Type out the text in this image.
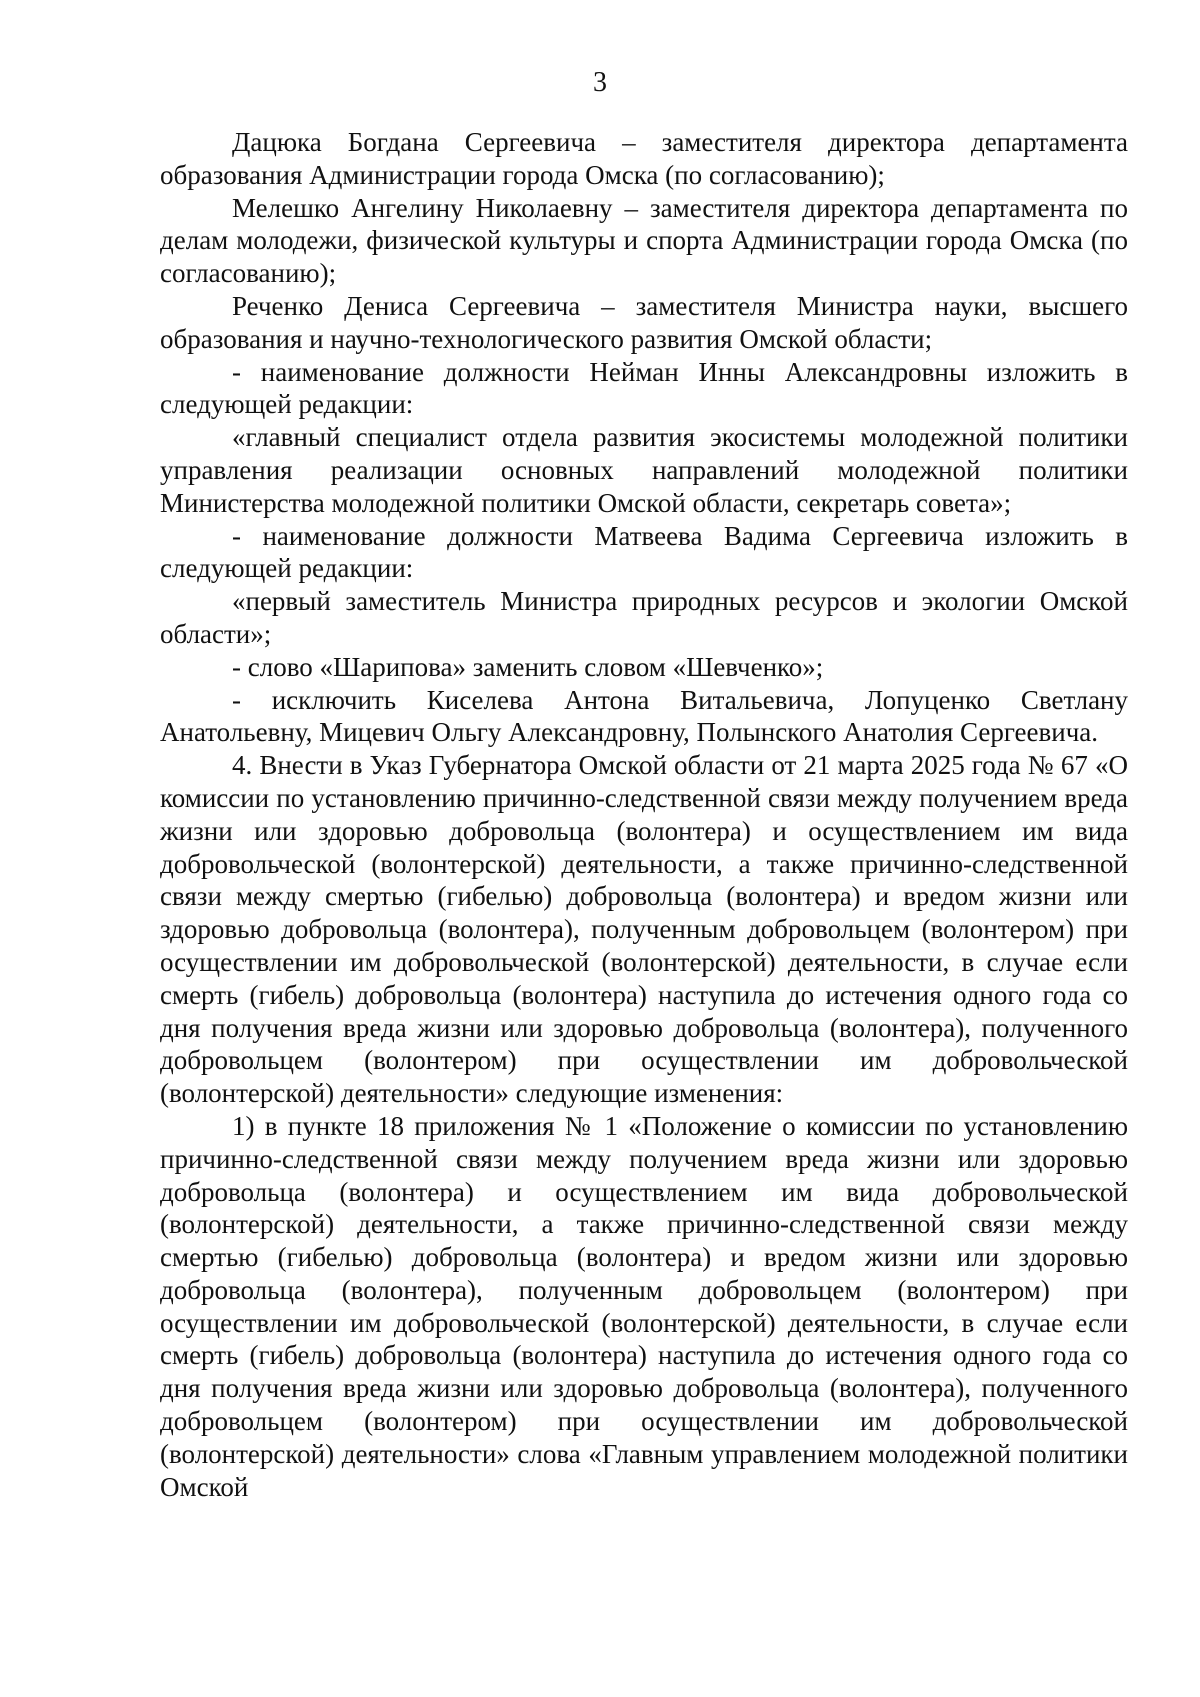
3

Дацюка Богдана Сергеевича – заместителя директора департамента образования Администрации города Омска (по согласованию);

Мелешко Ангелину Николаевну – заместителя директора департамента по делам молодежи, физической культуры и спорта Администрации города Омска (по согласованию);

Реченко Дениса Сергеевича – заместителя Министра науки, высшего образования и научно-технологического развития Омской области;

- наименование должности Нейман Инны Александровны изложить в следующей редакции:

«главный специалист отдела развития экосистемы молодежной политики управления реализации основных направлений молодежной политики Министерства молодежной политики Омской области, секретарь совета»;

- наименование должности Матвеева Вадима Сергеевича изложить в следующей редакции:

«первый заместитель Министра природных ресурсов и экологии Омской области»;

- слово «Шарипова» заменить словом «Шевченко»;

- исключить Киселева Антона Витальевича, Лопуценко Светлану Анатольевну, Мицевич Ольгу Александровну, Полынского Анатолия Сергеевича.

4. Внести в Указ Губернатора Омской области от 21 марта 2025 года № 67 «О комиссии по установлению причинно-следственной связи между получением вреда жизни или здоровью добровольца (волонтера) и осуществлением им вида добровольческой (волонтерской) деятельности, а также причинно-следственной связи между смертью (гибелью) добровольца (волонтера) и вредом жизни или здоровью добровольца (волонтера), полученным добровольцем (волонтером) при осуществлении им добровольческой (волонтерской) деятельности, в случае если смерть (гибель) добровольца (волонтера) наступила до истечения одного года со дня получения вреда жизни или здоровью добровольца (волонтера), полученного добровольцем (волонтером) при осуществлении им добровольческой (волонтерской) деятельности» следующие изменения:

1) в пункте 18 приложения № 1 «Положение о комиссии по установлению причинно-следственной связи между получением вреда жизни или здоровью добровольца (волонтера) и осуществлением им вида добровольческой (волонтерской) деятельности, а также причинно-следственной связи между смертью (гибелью) добровольца (волонтера) и вредом жизни или здоровью добровольца (волонтера), полученным добровольцем (волонтером) при осуществлении им добровольческой (волонтерской) деятельности, в случае если смерть (гибель) добровольца (волонтера) наступила до истечения одного года со дня получения вреда жизни или здоровью добровольца (волонтера), полученного добровольцем (волонтером) при осуществлении им добровольческой (волонтерской) деятельности» слова «Главным управлением молодежной политики Омской
